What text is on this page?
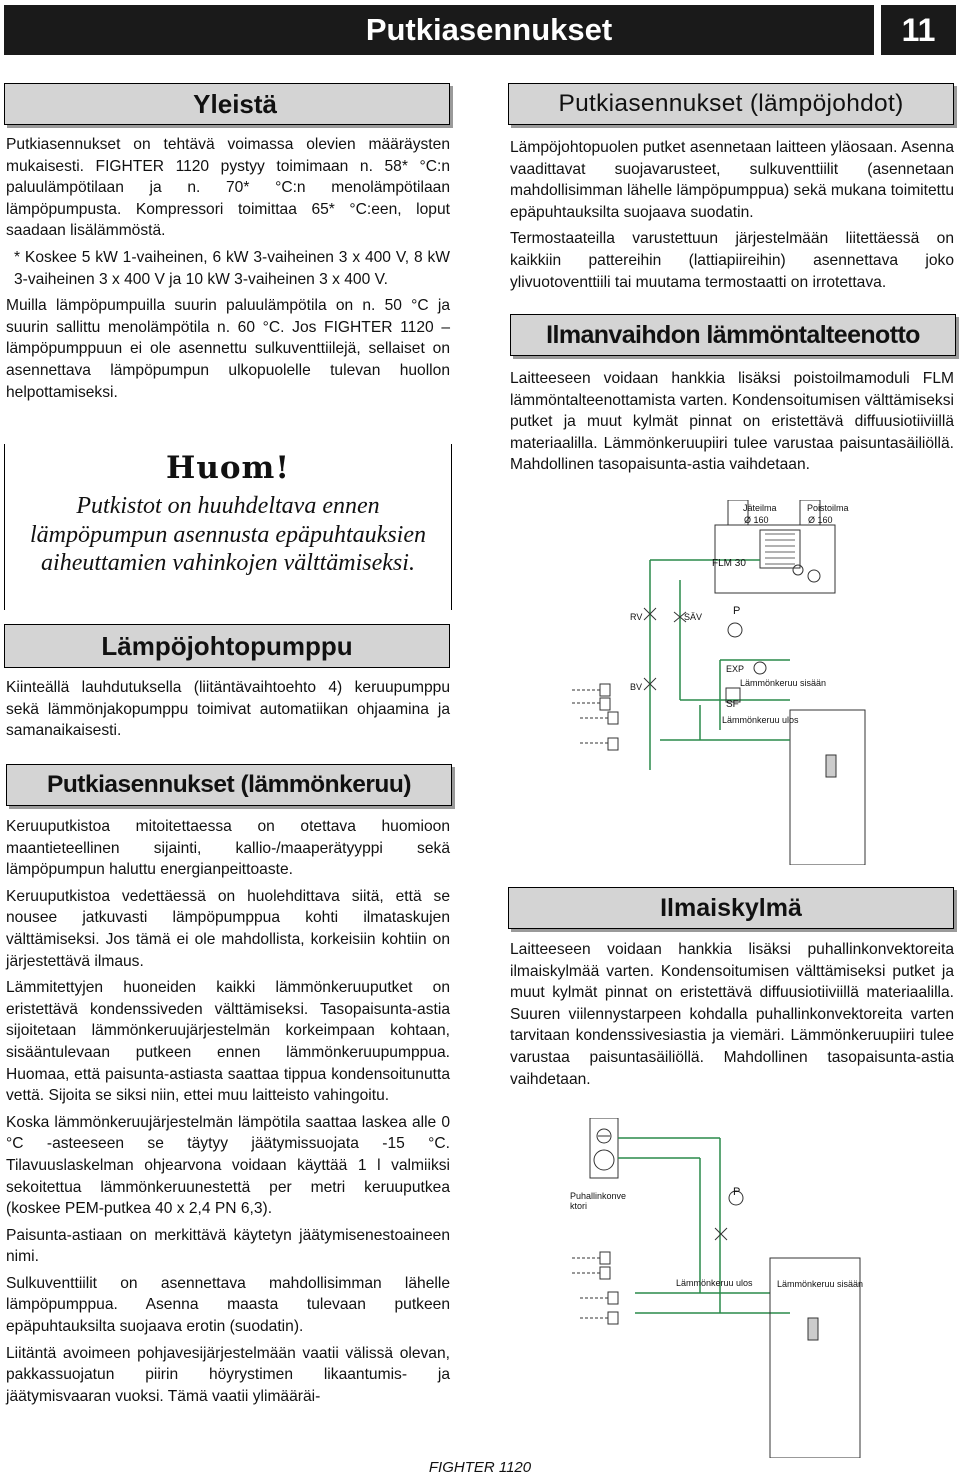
Putkiasennukset	11
Yleistä

Putkiasennukset on tehtävä voimassa olevien määräysten mukaisesti. FIGHTER 1120 pystyy toimimaan n. 58* °C:n paluulämpötilaan ja n. 70* °C:n menolämpötilaan lämpöpumpusta. Kompressori toimittaa 65* °C:een, loput saadaan lisälämmöstä.

* Koskee 5 kW 1-vaiheinen, 6 kW 3-vaiheinen 3 x 400 V, 8 kW 3-vaiheinen 3 x 400 V ja 10 kW 3-vaiheinen 3 x 400 V.

Muilla lämpöpumpuilla suurin paluulämpötila on n. 50 °C ja suurin sallittu menolämpötila n. 60 °C. Jos FIGHTER 1120 –lämpöpumppuun ei ole asennettu sulkuventtiilejä, sellaiset on asennettava lämpöpumpun ulkopuolelle tulevan huollon helpottamiseksi.

Huom!
Putkistot on huuhdeltava ennen lämpöpumpun asennusta epäpuhtauksien aiheuttamien vahinkojen välttämiseksi.
Lämpöjohtopumppu

Kiinteällä lauhdutuksella (liitäntävaihtoehto 4) keruupumppu sekä lämmönjakopumppu toimivat automatiikan ohjaamina ja samanaikaisesti.

Putkiasennukset (lämmönkeruu)

Keruuputkistoa mitoitettaessa on otettava huomioon maantieteellinen sijainti, kallio-/maaperätyyppi sekä lämpöpumpun haluttu energianpeittoaste.

Keruuputkistoa vedettäessä on huolehdittava siitä, että se nousee jatkuvasti lämpöpumppua kohti ilmataskujen välttämiseksi. Jos tämä ei ole mahdollista, korkeisiin kohtiin on järjestettävä ilmaus.

Lämmitettyjen huoneiden kaikki lämmönkeruuputket on eristettävä kondenssiveden välttämiseksi. Tasopaisunta-astia sijoitetaan lämmönkeruujärjestelmän korkeimpaan kohtaan, sisääntulevaan putkeen ennen lämmönkeruupumppua. Huomaa, että paisunta-astiasta saattaa tippua kondensoitunutta vettä. Sijoita se siksi niin, ettei muu laitteisto vahingoitu.

Koska lämmönkeruujärjestelmän lämpötila saattaa laskea alle 0 °C -asteeseen se täytyy jäätymissuojata -15 °C. Tilavuuslaskelman ohjearvona voidaan käyttää 1 l valmiiksi sekoitettua lämmönkeruunestettä per metri keruuputkea (koskee PEM-putkea 40 x 2,4 PN 6,3).

Paisunta-astiaan on merkittävä käytetyn jäätymisenestoaineen nimi.

Sulkuventtiilit on asennettava mahdollisimman lähelle lämpöpumppua. Asenna maasta tulevaan putkeen epäpuhtauksilta suojaava erotin (suodatin).

Liitäntä avoimeen pohjavesijärjestelmään vaatii välissä olevan, pakkassuojatun piirin höyrystimen likaantumis- ja jäätymisvaaran vuoksi. Tämä vaatii ylimääräi-

Putkiasennukset (lämpöjohdot)

Lämpöjohtopuolen putket asennetaan laitteen yläosaan. Asenna vaadittavat suojavarusteet, sulkuventtiilit (asennetaan mahdollisimman lähelle lämpöpumppua) sekä mukana toimitettu epäpuhtauksilta suojaava suodatin.

Termostaateilla varustettuun järjestelmään liitettäessä on kaikkiin pattereihin (lattiapiireihin) asennettava joko ylivuotoventtiili tai muutama termostaatti on irrotettava.

Ilmanvaihdon lämmöntalteenotto

Laitteeseen voidaan hankkia lisäksi poistoilmamoduli FLM lämmöntalteenottamista varten. Kondensoitumisen välttämiseksi putket ja muut kylmät pinnat on eristettävä diffuusiotiiviillä materiaalilla. Lämmönkeruupiiri tulee varustaa paisuntasäiliöllä. Mahdollinen tasopaisunta-astia vaihdetaan.

Jäteilma
Ø 160
Poistoilma
Ø 160
FLM 30
RV	SÄV	P
EXP
Lämmönkeruu sisään
BV
SF
Lämmönkeruu ulos
Ilmaiskylmä

Laitteeseen voidaan hankkia lisäksi puhallinkonvektoreita ilmaiskylmää varten. Kondensoitumisen välttämiseksi putket ja muut kylmät pinnat on eristettävä diffuusiotiiviillä materiaalilla. Suuren viilennystarpeen kohdalla puhallinkonvektoreita varten tarvitaan kondenssivesiastia ja viemäri. Lämmönkeruupiiri tulee varustaa paisuntasäiliöllä. Mahdollinen tasopaisunta-astia vaihdetaan.

Puhallinkonve ktori
P
Lämmönkeruu ulos	Lämmönkeruu sisään
FIGHTER 1120
